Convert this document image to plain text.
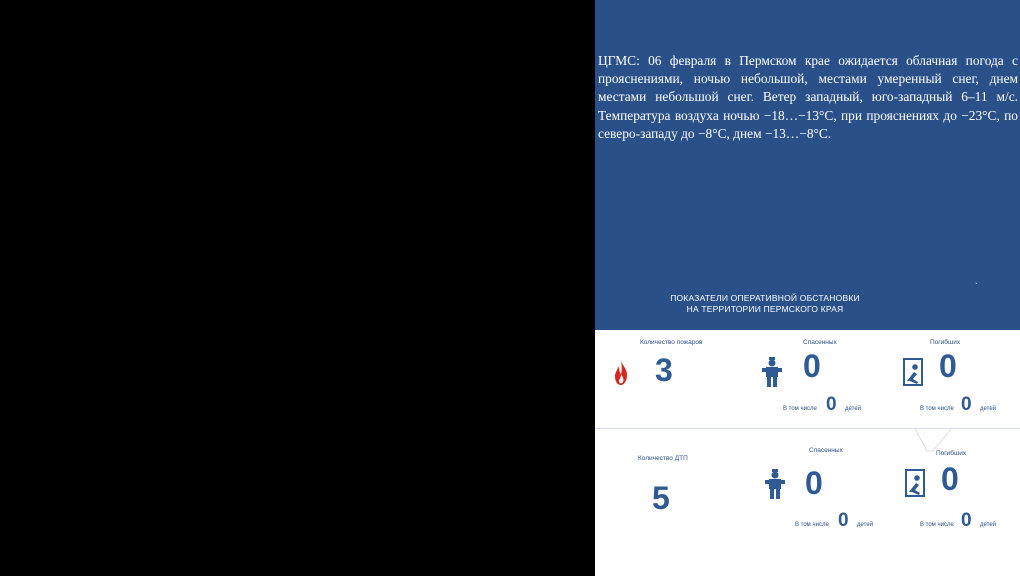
ЦГМС: 06 февраля в Пермском крае ожидается облачная погода с прояснениями, ночью небольшой, местами умеренный снег, днем местами небольшой снег. Ветер западный, юго-западный 6–11 м/с. Температура воздуха ночью −18…−13°С, при прояснениях до −23°С, по северо-западу до −8°С, днем −13…−8°С.

ПОКАЗАТЕЛИ ОПЕРАТИВНОЙ ОБСТАНОВКИ
НА ТЕРРИТОРИИ ПЕРМСКОГО КРАЯ
`
Количество пожаров
3
Спасенных
0
В том числе 0 детей
Погибших
0
В том числе 0 детей
Количество ДТП
5
Спасенных
0
В том числе 0 детей
Погибших
0
В том числе 0 детей
